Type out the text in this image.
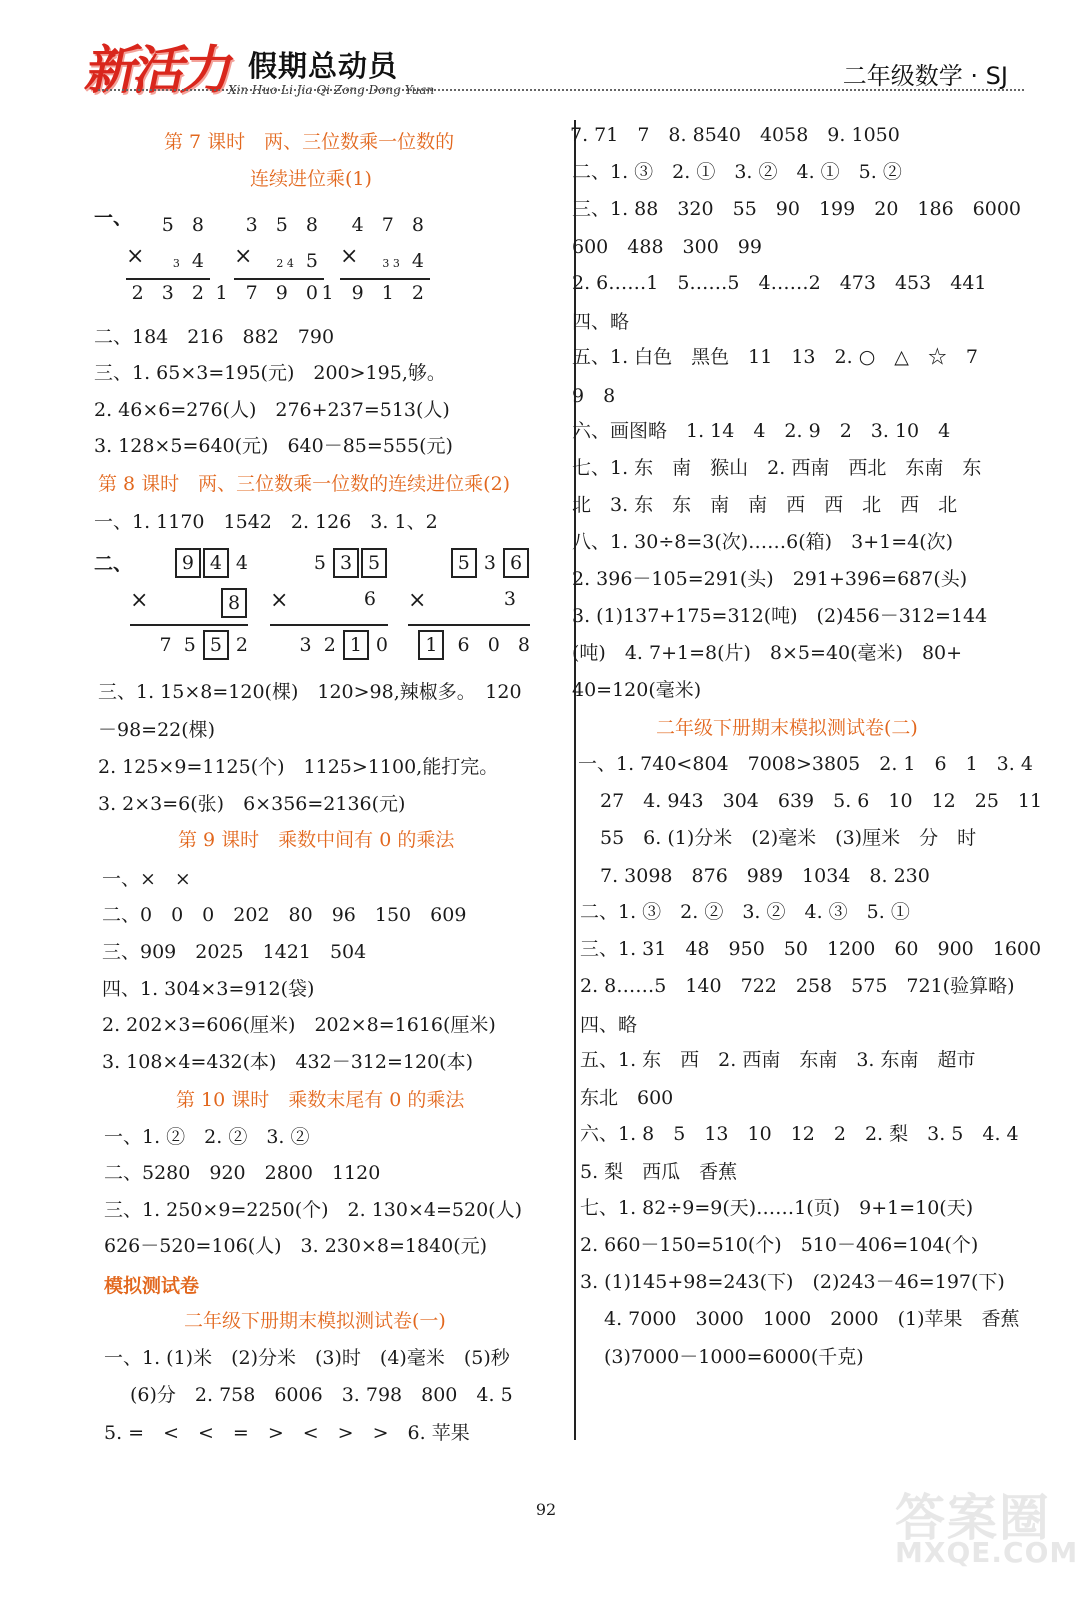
新活力 假期总动员
Xin Huo Li Jia Qi Zong Dong Yuan	二年级数学 · SJ
第 7 课时　两、三位数乘一位数的
连续进位乘(1)
一、 5 8
×	3 4
2 3 2
3 5 8
× 2 4 5
1 7 9 0
4 7 8
× 3 3 4
1 9 1 2
二、184　216　882　790
三、1. 65×3=195(元)　200>195,够。
2. 46×6=276(人)　276+237=513(人)
3. 128×5=640(元)　640－85=555(元)
第 8 课时　两、三位数乘一位数的连续进位乘(2)
一、1. 1170　1542　2. 126　3. 1、2
二、	9 4 4
×	8
7 5 5 2
5 3 5
×	6
3 2 1 0
5 3 6
×	3
1 6 0 8
三、1. 15×8=120(棵)　120>98,辣椒多。　120
－98=22(棵)
2. 125×9=1125(个)　1125>1100,能打完。
3. 2×3=6(张)　6×356=2136(元)
第 9 课时　乘数中间有 0 的乘法
一、×　×
二、0　0　0　202　80　96　150　609
三、909　2025　1421　504
四、1. 304×3=912(袋)
2. 202×3=606(厘米)　202×8=1616(厘米)
3. 108×4=432(本)　432－312=120(本)
第 10 课时　乘数末尾有 0 的乘法
一、1. ②　2. ②　3. ②
二、5280　920　2800　1120
三、1. 250×9=2250(个)　2. 130×4=520(人)
626－520=106(人)　3. 230×8=1840(元)
模拟测试卷
二年级下册期末模拟测试卷(一)
一、1. (1)米　(2)分米　(3)时　(4)毫米　(5)秒
(6)分　2. 758　6006　3. 798　800　4. 5
5. =　<　<　=　>　<　>　>　6. 苹果
7. 71　7　8. 8540　4058　9. 1050
二、1. ③　2. ①　3. ②　4. ①　5. ②
三、1. 88　320　55　90　199　20　186　6000
600　488　300　99
2. 6……1　5……5　4……2　473　453　441
四、略
五、1. 白色　黑色　11　13　2. ○　△　☆　7
9　8
六、画图略　1. 14　4　2. 9　2　3. 10　4
七、1. 东　南　猴山　2. 西南　西北　东南　东
北　3. 东　东　南　南　西　西　北　西　北
八、1. 30÷8=3(次)……6(箱)　3+1=4(次)
2. 396－105=291(头)　291+396=687(头)
3. (1)137+175=312(吨)　(2)456－312=144
(吨)　4. 7+1=8(片)　8×5=40(毫米)　80+
40=120(毫米)
二年级下册期末模拟测试卷(二)
一、1. 740<804　7008>3805　2. 1　6　1　3. 4
27　4. 943　304　639　5. 6　10　12　25　11
55　6. (1)分米　(2)毫米　(3)厘米　分　时
7. 3098　876　989　1034　8. 230
二、1. ③　2. ②　3. ②　4. ③　5. ①
三、1. 31　48　950　50　1200　60　900　1600
2. 8……5　140　722　258　575　721(验算略)
四、略
五、1. 东　西　2. 西南　东南　3. 东南　超市
东北　600
六、1. 8　5　13　10　12　2　2. 梨　3. 5　4. 4
5. 梨　西瓜　香蕉
七、1. 82÷9=9(天)……1(页)　9+1=10(天)
2. 660－150=510(个)　510－406=104(个)
3. (1)145+98=243(下)　(2)243－46=197(下)
4. 7000　3000　1000　2000　(1)苹果　香蕉
(3)7000－1000=6000(千克)
92	答案圈
MXQE.COM
